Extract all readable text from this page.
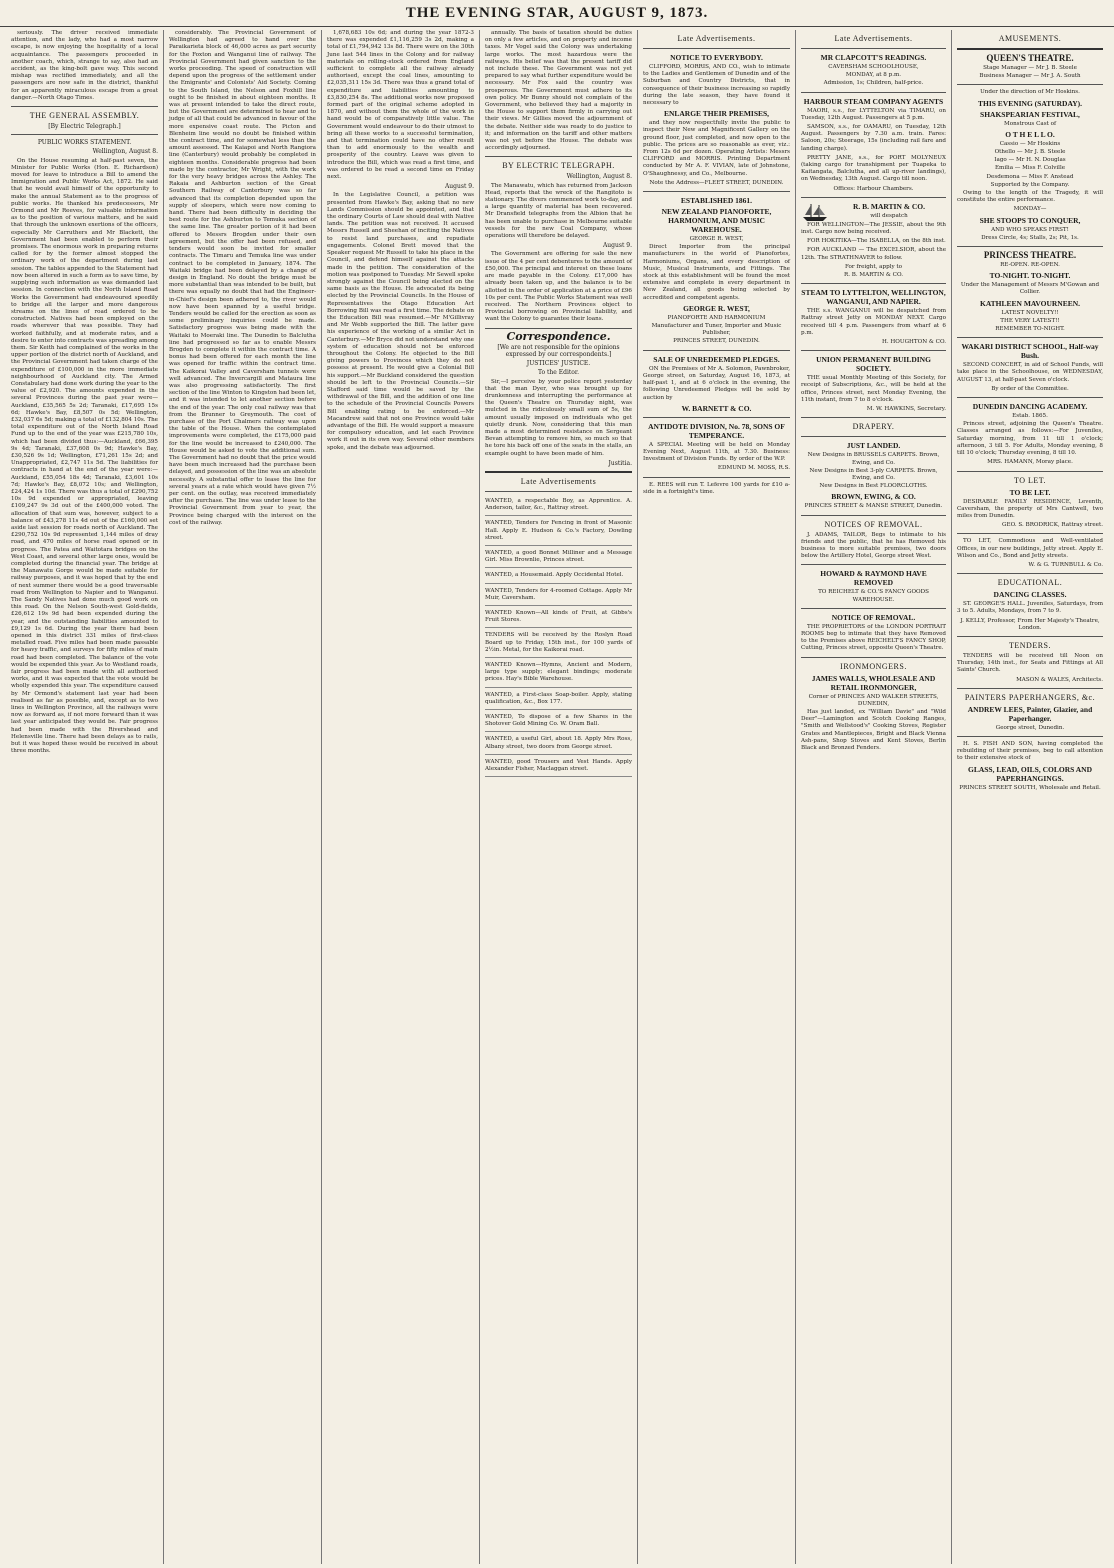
THE EVENING STAR, AUGUST 9, 1873.

seriously. The driver received immediate attention, and the lady, who had a most narrow escape, is now enjoying the hospitality of a local acquaintance. The passengers proceeded in another coach, which, strange to say, also had an accident, as the king-bolt gave way. This second mishap was rectified immediately, and all the passengers are now safe in the district, thankful for an apparently miraculous escape from a great danger.—North Otago Times.

THE GENERAL ASSEMBLY.
[By Electric Telegraph.]
PUBLIC WORKS STATEMENT.
Wellington, August 8.

On the House resuming at half-past seven, the Minister for Public Works (Hon. E. Richardson) moved for leave to introduce a Bill to amend the Immigration and Public Works Act, 1872. He said that he would avail himself of the opportunity to make the annual Statement as to the progress of public works. He thanked his predecessors, Mr Ormond and Mr Reeves, for valuable information as to the position of various matters, and he said that through the unknown exertions of the officers, especially Mr Carruthers and Mr Blackett, the Government had been enabled to perform their promises. The enormous work in preparing returns called for by the former almost stopped the ordinary work of the department during last session. The tables appended to the Statement had now been altered in such a form as to save time, by supplying such information as was demanded last session. In connection with the North Island Road Works the Government had endeavoured speedily to bridge all the larger and more dangerous streams on the lines of road ordered to be constructed. Natives had been employed on the roads wherever that was possible. They had worked faithfully, and at moderate rates, and a desire to enter into contracts was spreading among them. Sir Keith had complained of the works in the upper portion of the district north of Auckland, and the Provincial Government had taken charge of the expenditure of £100,000 in the more immediate neighbourhood of Auckland city. The Armed Constabulary had done work during the year to the value of £2,920. The amounts expended in the several Provinces during the past year were—Auckland, £35,565 5s 2d; Taranaki, £17,695 15s 6d; Hawke's Bay, £8,507 0s 5d; Wellington, £32,037 6s 5d; making a total of £132,804 10s. The total expenditure out of the North Island Road Fund up to the end of the year was £215,780 10s, which had been divided thus:—Auckland, £66,395 9s 4d; Taranaki, £37,608 0s 9d; Hawke's Bay, £30,526 9s 1d; Wellington, £71,261 15s 2d; and Unappropriated, £2,747 11s 5d. The liabilities for contracts in hand at the end of the year were:—Auckland, £55,054 18s 4d; Taranaki, £3,601 10s 7d; Hawke's Bay, £8,072 10s; and Wellington, £24,424 1s 10d. There was thus a total of £290,752 10s 9d expended or appropriated, leaving £109,247 9s 3d out of the £400,000 voted. The allocation of that sum was, however, subject to a balance of £43,278 11s 4d out of the £160,000 set aside last session for roads north of Auckland. The £290,752 10s 9d represented 1,144 miles of dray road, and 470 miles of horse road opened or in progress. The Patea and Waitotara bridges on the West Coast, and several other large ones, would be completed during the financial year. The bridge at the Manawatu Gorge would be made suitable for railway purposes, and it was hoped that by the end of next summer there would be a good traversable road from Wellington to Napier and to Wanganui. The Sandy Natives had done much good work on this road. On the Nelson South-west Gold-fields, £26,612 19s 9d had been expended during the year, and the outstanding liabilities amounted to £9,129 1s 6d. During the year there had been opened in this district 331 miles of first-class metalled road. Five miles had been made passable for heavy traffic, and surveys for fifty miles of main road had been completed. The balance of the vote would be expended this year. As to Westland roads, fair progress had been made with all authorised works, and it was expected that the vote would be wholly expended this year. The expenditure caused by Mr Ormond's statement last year had been realised as far as possible, and, except as to two lines in Wellington Province, all the railways were now as forward as, if not more forward than it was last year anticipated they would be. Fair progress had been made with the Rivershead and Helensville line. There had been delays as to rails, but it was hoped these would be received in about three months.

considerably. The Provincial Government of Wellington had agreed to hand over the Paraikarieta block of 46,000 acres as part security for the Foxton and Wanganui line of railway. The Provincial Government had given sanction to the works proceeding. The speed of construction will depend upon the progress of the settlement under the Emigrants' and Colonists' Aid Society. Coming to the South Island, the Nelson and Foxhill line ought to be finished in about eighteen months. It was at present intended to take the direct route, but the Government are determined to hear and to judge of all that could be advanced in favour of the more expensive coast route. The Picton and Blenheim line would no doubt be finished within the contract time, and for somewhat less than the amount assessed. The Kaiapoi and North Rangiora line (Canterbury) would probably be completed in eighteen months. Considerable progress had been made by the contractor, Mr Wright, with the work for the very heavy bridges across the Ashley. The Rakaia and Ashburton section of the Great Southern Railway of Canterbury was so far advanced that its completion depended upon the supply of sleepers, which were now coming to hand. There had been difficulty in deciding the best route for the Ashburton to Temuka section of the same line. The greater portion of it had been offered to Messrs Brogden under their own agreement, but the offer had been refused, and tenders would soon be invited for smaller contracts. The Timaru and Temuka line was under contract to be completed in January, 1874. The Waitaki bridge had been delayed by a change of design in England. No doubt the bridge must be more substantial than was intended to be built, but there was equally no doubt that had the Engineer-in-Chief's design been adhered to, the river would now have been spanned by a useful bridge. Tenders would be called for the erection as soon as some preliminary inquiries could be made. Satisfactory progress was being made with the Waitaki to Moeraki line. The Dunedin to Balclutha line had progressed so far as to enable Messrs Brogden to complete it within the contract time. A bonus had been offered for each month the line was opened for traffic within the contract time. The Kaikorai Valley and Caversham tunnels were well advanced. The Invercargill and Mataura line was also progressing satisfactorily. The first section of the line Winton to Kingston had been let, and it was intended to let another section before the end of the year. The only coal railway was that from the Brunner to Greymouth. The cost of purchase of the Port Chalmers railway was upon the table of the House. When the contemplated improvements were completed, the £175,000 paid for the line would be increased to £240,000. The House would be asked to vote the additional sum. The Government had no doubt that the price would have been much increased had the purchase been delayed, and possession of the line was an absolute necessity. A substantial offer to lease the line for several years at a rate which would have given 7½ per cent. on the outlay, was received immediately after the purchase. The line was under lease to the Provincial Government from year to year, the Province being charged with the interest on the cost of the railway.

1,678,683 10s 6d; and during the year 1872-3 there was expended £1,116,259 3s 2d, making a total of £1,794,942 13s 8d. There were on the 30th June last 544 lines in the Colony and for railway materials on rolling-stock ordered from England sufficient to complete all the railway already authorised, except the coal lines, amounting to £2,035,311 15s 3d. There was thus a grand total of expenditure and liabilities amounting to £3,830,254 8s. The additional works now proposed formed part of the original scheme adopted in 1870, and without them the whole of the work in hand would be of comparatively little value. The Government would endeavour to do their utmost to bring all these works to a successful termination, and that termination could have no other result than to add enormously to the wealth and prosperity of the country. Leave was given to introduce the Bill, which was read a first time, and was ordered to be read a second time on Friday next.

August 9.

In the Legislative Council, a petition was presented from Hawke's Bay, asking that no new Lands Commission should be appointed, and that the ordinary Courts of Law should deal with Native lands. The petition was not received. It accused Messrs Russell and Sheehan of inciting the Natives to resist land purchases, and repudiate engagements. Colonel Brett moved that the Speaker request Mr Russell to take his place in the Council, and defend himself against the attacks made in the petition. The consideration of the motion was postponed to Tuesday. Mr Sewell spoke strongly against the Council being elected on the same basis as the House. He advocated its being elected by the Provincial Councils. In the House of Representatives the Otago Education Act Borrowing Bill was read a first time. The debate on the Education Bill was resumed.—Mr M'Gillivray and Mr Webb supported the Bill. The latter gave his experience of the working of a similar Act in Canterbury.—Mr Bryce did not understand why one system of education should not be enforced throughout the Colony. He objected to the Bill giving powers to Provinces which they do not possess at present. He would give a Colonial Bill his support.—Mr Buckland considered the question should be left to the Provincial Councils.—Sir Stafford said time would be saved by the withdrawal of the Bill, and the addition of one line to the schedule of the Provincial Councils Powers Bill enabling rating to be enforced.—Mr Macandrew said that not one Province would take advantage of the Bill. He would support a measure for compulsory education, and let each Province work it out in its own way. Several other members spoke, and the debate was adjourned.

annually. The basis of taxation should be duties on only a few articles, and on property and income taxes. Mr Vogel said the Colony was undertaking large works. The most hazardous were the railways. His belief was that the present tariff did not include these. The Government was not yet prepared to say what further expenditure would be necessary. Mr Fox said the country was prosperous. The Government must adhere to its own policy. Mr Bunny should not complain of the Government, who believed they had a majority in the House to support them firmly in carrying out their views. Mr Gillies moved the adjournment of the debate. Neither side was ready to do justice to it; and information on the tariff and other matters was not yet before the House. The debate was accordingly adjourned.

BY ELECTRIC TELEGRAPH.
Wellington, August 8.

The Manawatu, which has returned from Jackson Head, reports that the wreck of the Rangitoto is stationary. The divers commenced work to-day, and a large quantity of material has been recovered. Mr Dransfield telegraphs from the Albion that he has been unable to purchase in Melbourne suitable vessels for the new Coal Company, whose operations will therefore be delayed.

August 9.

The Government are offering for sale the new issue of the 4 per cent debentures to the amount of £50,000. The principal and interest on these loans are made payable in the Colony. £17,000 has already been taken up, and the balance is to be allotted in the order of application at a price of £96 10s per cent. The Public Works Statement was well received. The Northern Provinces object to Provincial borrowing on Provincial liability, and want the Colony to guarantee their loans.

Correspondence.
[We are not responsible for the opinions expressed by our correspondents.]
JUSTICES' JUSTICE.
To the Editor.

Sir,—I perceive by your police report yesterday that the man Dyer, who was brought up for drunkenness and interrupting the performance at the Queen's Theatre on Thursday night, was mulcted in the ridiculously small sum of 5s, the amount usually imposed on individuals who get quietly drunk. Now, considering that this man made a most determined resistance on Sergeant Bevan attempting to remove him, so much so that he tore his back off one of the seats in the stalls, an example ought to have been made of him.

Justitia.
Late Advertisements
WANTED, a respectable Boy, as Apprentice. A. Anderson, tailor, &c., Rattray street.
WANTED, Tenders for Fencing in front of Masonic Hall. Apply E. Hudson & Co.'s Factory, Dowling street.
WANTED, a good Bonnet Milliner and a Message Girl. Miss Brownlie, Princes street.
WANTED, a Housemaid. Apply Occidental Hotel.
WANTED, Tenders for 4-roomed Cottage. Apply Mr Muir, Caversham.
WANTED Known—All kinds of Fruit, at Gibbs's Fruit Stores.
TENDERS will be received by the Roslyn Road Board up to Friday, 15th inst., for 100 yards of 2½in. Metal, for the Kaikorai road.
WANTED Known—Hymns, Ancient and Modern, large type supply; elegant bindings; moderate prices. Hay's Bible Warehouse.
WANTED, a First-class Soap-boiler. Apply, stating qualification, &c., Box 177.
WANTED, To dispose of a few Shares in the Shotover Gold Mining Co. W. Oram Ball.
WANTED, a useful Girl, about 18. Apply Mrs Ross, Albany street, two doors from George street.
WANTED, good Trousers and Vest Hands. Apply Alexander Fisher, Maclaggan street.
Late Advertisements.
NOTICE TO EVERYBODY.

CLIFFORD, MORRIS, AND CO., wish to intimate to the Ladies and Gentlemen of Dunedin and of the Suburban and Country Districts, that in consequence of their business increasing so rapidly during the late season, they have found it necessary to

ENLARGE THEIR PREMISES,

and they now respectfully invite the public to inspect their New and Magnificent Gallery on the ground floor, just completed, and now open to the public. The prices are so reasonable as ever, viz.: From 12s 6d per dozen. Operating Artists: Messrs CLIFFORD and MORRIS. Printing Department conducted by Mr A. F. VIVIAN, late of Johnstone, O'Shaughnessy, and Co., Melbourne.

Note the Address—FLEET STREET, DUNEDIN.
ESTABLISHED 1861.
NEW ZEALAND PIANOFORTE, HARMONIUM, AND MUSIC WAREHOUSE.
GEORGE R. WEST,

Direct Importer from the principal manufacturers in the world of Pianofortes, Harmoniums, Organs, and every description of Music, Musical Instruments, and Fittings. The stock at this establishment will be found the most extensive and complete in every department in New Zealand, all goods being selected by accredited and competent agents.

GEORGE R. WEST,
PIANOFORTE AND HARMONIUM
Manufacturer and Tuner, Importer and Music Publisher,
PRINCES STREET, DUNEDIN.
SALE OF UNREDEEMED PLEDGES.

ON the Premises of Mr A. Solomon, Pawnbroker, George street, on Saturday, August 16, 1873, at half-past 1, and at 6 o'clock in the evening, the following Unredeemed Pledges will be sold by auction by

W. BARNETT & CO.
ANTIDOTE DIVISION, No. 78, SONS OF TEMPERANCE.

A SPECIAL Meeting will be held on Monday Evening Next, August 11th, at 7.30. Business: Investment of Division Funds. By order of the W.P.

EDMUND M. MOSS, R.S.

E. REES will run T. Lefevre 100 yards for £10 a-side in a fortnight's time.

Late Advertisements.
MR CLAPCOTT'S READINGS.
CAVERSHAM SCHOOLHOUSE,
MONDAY, at 8 p.m.
Admission, 1s; Children, half-price.
HARBOUR STEAM COMPANY AGENTS

MAORI, s.s., for LYTTELTON via TIMARU, on Tuesday, 12th August. Passengers at 5 p.m.

SAMSON, s.s., for OAMARU, on Tuesday, 12th August. Passengers by 7.30 a.m. train. Fares: Saloon, 20s; Steerage, 15s (including rail fare and landing charge).

PRETTY JANE, s.s., for PORT MOLYNEUX (taking cargo for transhipment per Tuapeka to Kaitangata, Balclutha, and all up-river landings), on Wednesday, 13th August. Cargo till noon.

Offices: Harbour Chambers.
R. B. MARTIN & CO.
will despatch

FOR WELLINGTON—The JESSIE, about the 9th inst. Cargo now being received.

FOR HOKITIKA—The ISABELLA, on the 8th inst.

FOR AUCKLAND — The EXCELSIOR, about the 12th. The STRATHNAVER to follow.

For freight, apply to
R. B. MARTIN & CO.
STEAM TO LYTTELTON, WELLINGTON, WANGANUI, AND NAPIER.

THE s.s. WANGANUI will be despatched from Rattray street Jetty on MONDAY NEXT. Cargo received till 4 p.m. Passengers from wharf at 6 p.m.

H. HOUGHTON & CO.
UNION PERMANENT BUILDING SOCIETY.

THE usual Monthly Meeting of this Society, for receipt of Subscriptions, &c., will be held at the office, Princes street, next Monday Evening, the 11th instant, from 7 to 8 o'clock.

M. W. HAWKINS, Secretary.
DRAPERY.
JUST LANDED.
New Designs in BRUSSELS CARPETS. Brown, Ewing, and Co.
New Designs in Best 3-ply CARPETS. Brown, Ewing, and Co.
New Designs in Best FLOORCLOTHS.
BROWN, EWING, & CO.
PRINCES STREET & MANSE STREET, Dunedin.
NOTICES OF REMOVAL.

J. ADAMS, TAILOR, Begs to intimate to his friends and the public, that he has Removed his business to more suitable premises, two doors below the Artillery Hotel, George street West.

HOWARD & RAYMOND HAVE REMOVED
TO REICHELT & CO.'S FANCY GOODS WAREHOUSE.
NOTICE OF REMOVAL.

THE PROPRIETORS of the LONDON PORTRAIT ROOMS beg to intimate that they have Removed to the Premises above REICHELT'S FANCY SHOP, Cutting, Princes street, opposite Queen's Theatre.

IRONMONGERS.
JAMES WALLS, WHOLESALE AND RETAIL IRONMONGER,
Corner of PRINCES AND WALKER STREETS, DUNEDIN,

Has just landed, ex "William Davie" and "Wild Deer"—Lamington and Scotch Cooking Ranges, "Smith and Wellstood's" Cooking Stoves, Register Grates and Mantlepieces, Bright and Black Vienna Ash-pans, Shop Stoves and Kent Stoves, Berlin Black and Bronzed Fenders.

AMUSEMENTS.
QUEEN'S THEATRE.
Stage Manager — Mr J. B. Steele
Business Manager — Mr J. A. South
Under the direction of Mr Hoskins.
THIS EVENING (SATURDAY).
SHAKSPEARIAN FESTIVAL,
Monstrous Cast of
O T H E L L O.
Cassio — Mr Hoskins
Othello — Mr J. B. Steele
Iago — Mr H. N. Douglas
Emilia — Miss F. Colville
Desdemona — Miss F. Anstead
Supported by the Company.

Owing to the length of the Tragedy, it will constitute the entire performance.

MONDAY—
SHE STOOPS TO CONQUER,
AND WHO SPEAKS FIRST!
Dress Circle, 4s; Stalls, 2s; Pit, 1s.
PRINCESS THEATRE.
RE-OPEN. RE-OPEN.
TO-NIGHT. TO-NIGHT.
Under the Management of Messrs M'Gowan and Collier.
KATHLEEN MAVOURNEEN.
LATEST NOVELTY!!
THE VERY LATEST!!
REMEMBER TO-NIGHT.
WAKARI DISTRICT SCHOOL, Half-way Bush.

SECOND CONCERT, in aid of School Funds, will take place in the Schoolhouse, on WEDNESDAY, AUGUST 13, at half-past Seven o'clock.

By order of the Committee.
DUNEDIN DANCING ACADEMY.
Estab. 1865.

Princes street, adjoining the Queen's Theatre. Classes arranged as follows:—For Juveniles, Saturday morning, from 11 till 1 o'clock; afternoon, 3 till 5. For Adults, Monday evening, 8 till 10 o'clock; Thursday evening, 8 till 10.

MRS. HAMANN, Moray place.
TO LET.
TO BE LET.

DESIRABLE FAMILY RESIDENCE, Leventh, Caversham, the property of Mrs Cantwell, two miles from Dunedin.

GEO. S. BRODRICK, Rattray street.

TO LET, Commodious and Well-ventilated Offices, in our new buildings, Jetty street. Apply E. Wilson and Co., Bond and Jetty streets.

W. & G. TURNBULL & Co.
EDUCATIONAL.
DANCING CLASSES.

ST. GEORGE'S HALL. Juveniles, Saturdays, from 3 to 5. Adults, Mondays, from 7 to 9.

J. KELLY, Professor, From Her Majesty's Theatre, London.
TENDERS.

TENDERS will be received till Noon on Thursday, 14th inst., for Seats and Fittings at All Saints' Church.

MASON & WALES, Architects.
PAINTERS PAPERHANGERS, &c.
ANDREW LEES, Painter, Glazier, and Paperhanger.
George street, Dunedin.

H. S. FISH AND SON, having completed the rebuilding of their premises, beg to call attention to their extensive stock of

GLASS, LEAD, OILS, COLORS AND PAPERHANGINGS.
PRINCES STREET SOUTH, Wholesale and Retail.
